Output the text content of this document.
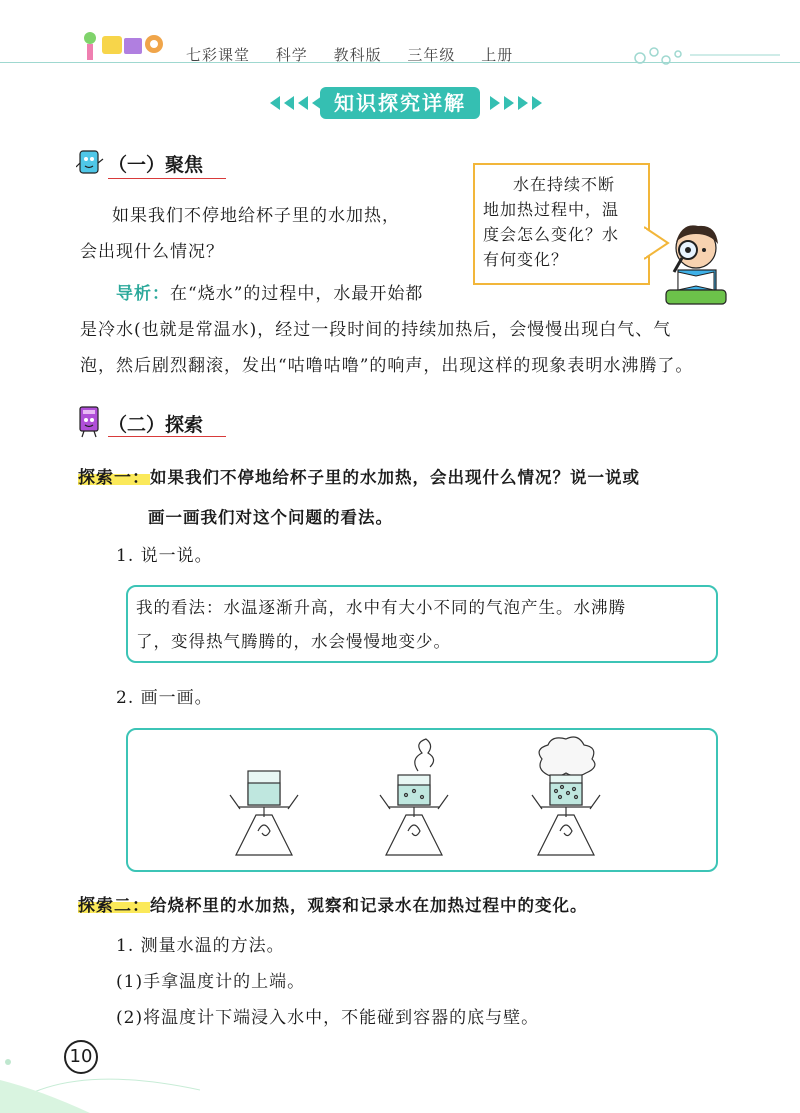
七彩课堂 科学 教科版 三年级 上册
知识探究详解
（一）聚焦
如果我们不停地给杯子里的水加热，
会出现什么情况？
导析：在“烧水”的过程中，水最开始都
是冷水(也就是常温水)，经过一段时间的持续加热后，会慢慢出现白气、气
泡，然后剧烈翻滚，发出“咕噜咕噜”的响声，出现这样的现象表明水沸腾了。
水在持续不断
地加热过程中，温
度会怎么变化？水
有何变化？
（二）探索
探索一：如果我们不停地给杯子里的水加热，会出现什么情况？说一说或
画一画我们对这个问题的看法。
1. 说一说。
我的看法：水温逐渐升高，水中有大小不同的气泡产生。水沸腾
了，变得热气腾腾的，水会慢慢地变少。
2. 画一画。
探索二：给烧杯里的水加热，观察和记录水在加热过程中的变化。
1. 测量水温的方法。
(1)手拿温度计的上端。
(2)将温度计下端浸入水中，不能碰到容器的底与壁。
10
